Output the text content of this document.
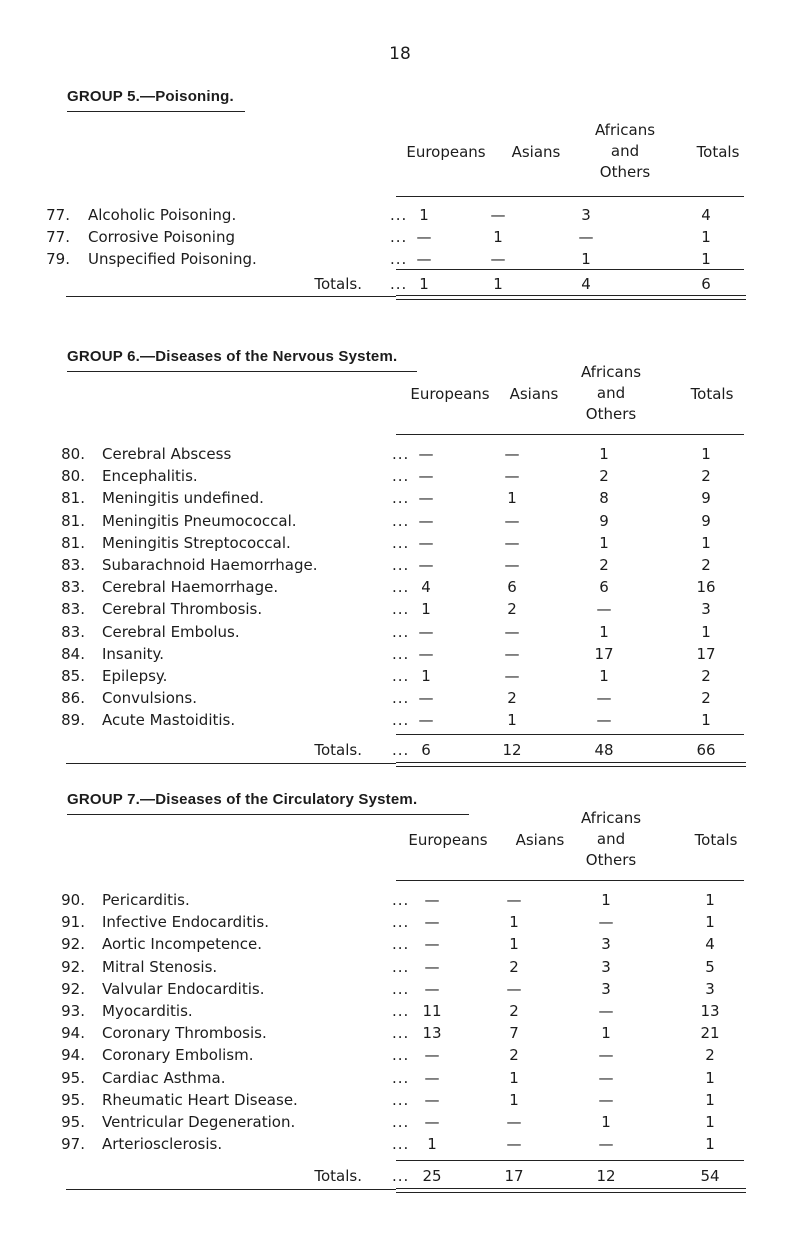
18
GROUP 5.—Poisoning.
Europeans	Asians
Africans
and
Others
Totals
77. Alcoholic Poisoning.	... 1	—	3	4
77. Corrosive Poisoning	... —	1	—	1
79. Unspecified Poisoning.	... —	—	1	1
Totals. ... 1	1	4	6
GROUP 6.—Diseases of the Nervous System.
Europeans	Asians
Africans
and
Others
Totals
80. Cerebral Abscess	... —	—	1	1
80. Encephalitis.	... —	—	2	2
81. Meningitis undefined.	... —	1	8	9
81. Meningitis Pneumococcal.	... —	—	9	9
81. Meningitis Streptococcal.	... —	—	1	1
83. Subarachnoid Haemorrhage.	... —	—	2	2
83. Cerebral Haemorrhage.	... 4	6	6	16
83. Cerebral Thrombosis.	... 1	2	—	3
83. Cerebral Embolus.	... —	—	1	1
84. Insanity.	... —	—	17	17
85. Epilepsy.	... 1	—	1	2
86. Convulsions.	... —	2	—	2
89. Acute Mastoiditis.	... —	1	—	1
Totals. ... 6	12	48	66
GROUP 7.—Diseases of the Circulatory System.
Europeans	Asians
Africans
and
Others
Totals
90. Pericarditis.	...	—	—	1	1
91. Infective Endocarditis.	...	—	1	—	1
92. Aortic Incompetence.	...	—	1	3	4
92. Mitral Stenosis.	...	—	2	3	5
92. Valvular Endocarditis.	...	—	—	3	3
93. Myocarditis.	... 11	2	—	13
94. Coronary Thrombosis.	... 13	7	1	21
94. Coronary Embolism.	...	—	2	—	2
95. Cardiac Asthma.	...	—	1	—	1
95. Rheumatic Heart Disease.	...	—	1	—	1
95. Ventricular Degeneration.	...	—	—	1	1
97. Arteriosclerosis.	...	1	—	—	1
Totals. ... 25	17	12	54
